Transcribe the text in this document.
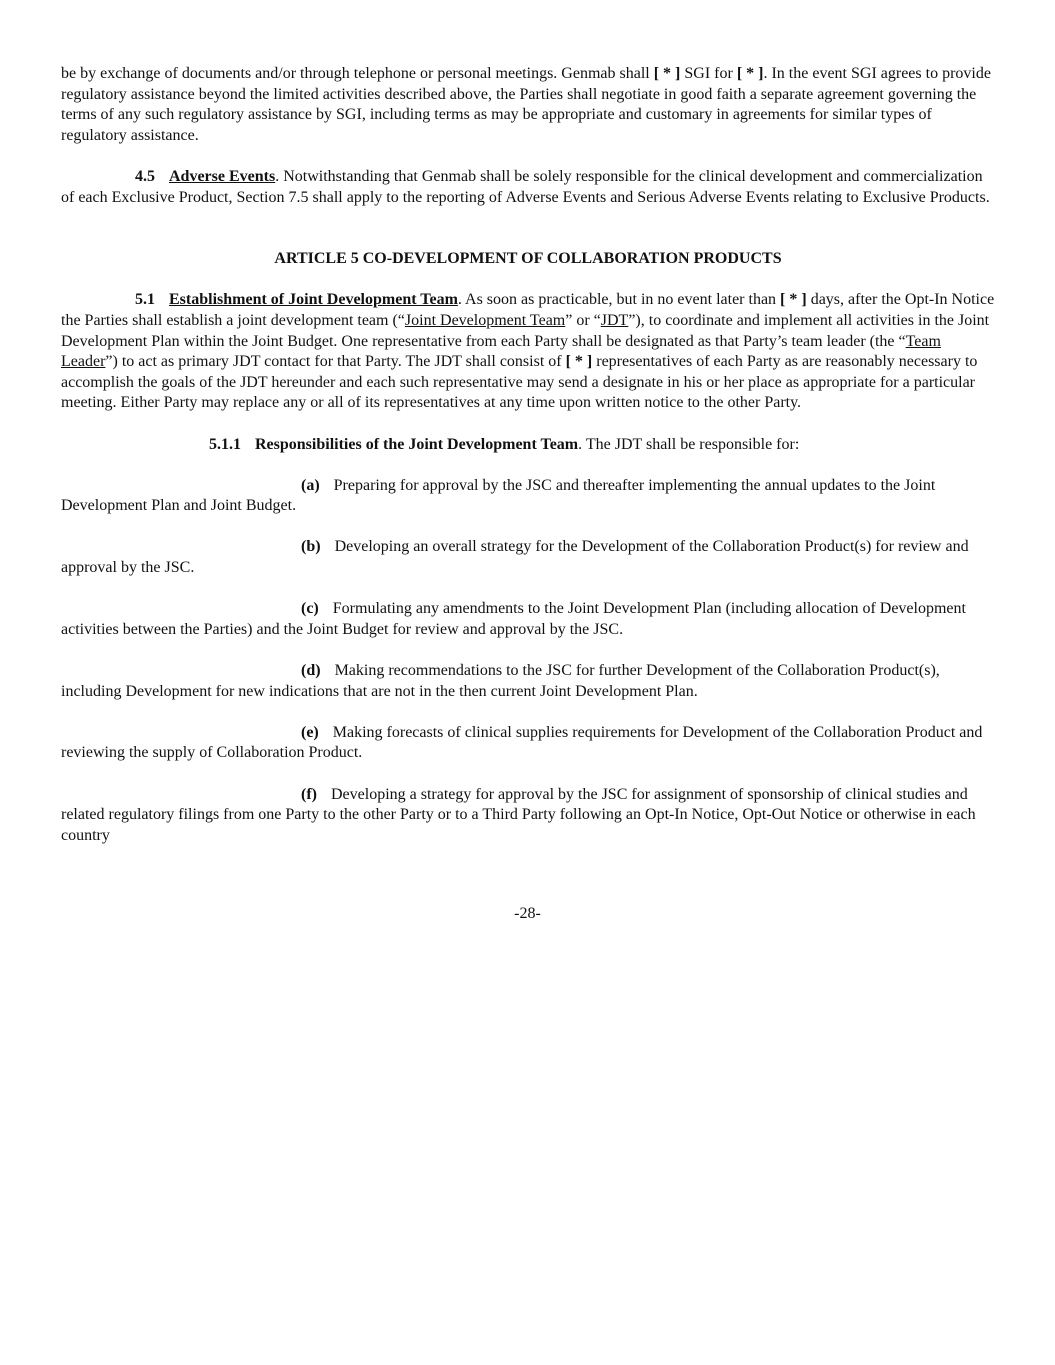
be by exchange of documents and/or through telephone or personal meetings. Genmab shall [ * ] SGI for [ * ]. In the event SGI agrees to provide regulatory assistance beyond the limited activities described above, the Parties shall negotiate in good faith a separate agreement governing the terms of any such regulatory assistance by SGI, including terms as may be appropriate and customary in agreements for similar types of regulatory assistance.

4.5 Adverse Events. Notwithstanding that Genmab shall be solely responsible for the clinical development and commercialization of each Exclusive Product, Section 7.5 shall apply to the reporting of Adverse Events and Serious Adverse Events relating to Exclusive Products.

ARTICLE 5 CO-DEVELOPMENT OF COLLABORATION PRODUCTS

5.1 Establishment of Joint Development Team. As soon as practicable, but in no event later than [ * ] days, after the Opt-In Notice the Parties shall establish a joint development team (“Joint Development Team” or “JDT”), to coordinate and implement all activities in the Joint Development Plan within the Joint Budget. One representative from each Party shall be designated as that Party’s team leader (the “Team Leader”) to act as primary JDT contact for that Party. The JDT shall consist of [ * ] representatives of each Party as are reasonably necessary to accomplish the goals of the JDT hereunder and each such representative may send a designate in his or her place as appropriate for a particular meeting. Either Party may replace any or all of its representatives at any time upon written notice to the other Party.

5.1.1 Responsibilities of the Joint Development Team. The JDT shall be responsible for:

(a) Preparing for approval by the JSC and thereafter implementing the annual updates to the Joint Development Plan and Joint Budget.

(b) Developing an overall strategy for the Development of the Collaboration Product(s) for review and approval by the JSC.

(c) Formulating any amendments to the Joint Development Plan (including allocation of Development activities between the Parties) and the Joint Budget for review and approval by the JSC.

(d) Making recommendations to the JSC for further Development of the Collaboration Product(s), including Development for new indications that are not in the then current Joint Development Plan.

(e) Making forecasts of clinical supplies requirements for Development of the Collaboration Product and reviewing the supply of Collaboration Product.

(f) Developing a strategy for approval by the JSC for assignment of sponsorship of clinical studies and related regulatory filings from one Party to the other Party or to a Third Party following an Opt-In Notice, Opt-Out Notice or otherwise in each country

-28-
